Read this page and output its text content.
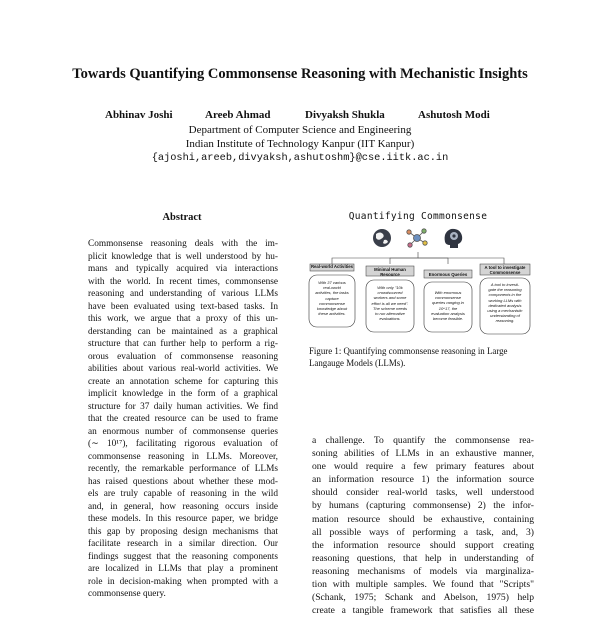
Towards Quantifying Commonsense Reasoning with Mechanistic Insights
Abhinav Joshi	Areeb Ahmad	Divyaksh Shukla	Ashutosh Modi
Department of Computer Science and Engineering
Indian Institute of Technology Kanpur (IIT Kanpur)
{ajoshi,areeb,divyaksh,ashutoshm}@cse.iitk.ac.in
Abstract
Commonsense reasoning deals with the im-
plicit knowledge that is well understood by hu-
mans and typically acquired via interactions
with the world. In recent times, commonsense
reasoning and understanding of various LLMs
have been evaluated using text-based tasks. In
this work, we argue that a proxy of this un-
derstanding can be maintained as a graphical
structure that can further help to perform a rig-
orous evaluation of commonsense reasoning
abilities about various real-world activities. We
create an annotation scheme for capturing this
implicit knowledge in the form of a graphical
structure for 37 daily human activities. We find
that the created resource can be used to frame
an enormous number of commonsense queries
(∼ 10¹⁷), facilitating rigorous evaluation of
commonsense reasoning in LLMs. Moreover,
recently, the remarkable performance of LLMs
has raised questions about whether these mod-
els are truly capable of reasoning in the wild
and, in general, how reasoning occurs inside
these models. In this resource paper, we bridge
this gap by proposing design mechanisms that
facilitate research in a similar direction. Our
findings suggest that the reasoning components
are localized in LLMs that play a prominent
role in decision-making when prompted with a
commonsense query.
Quantifying Commonsense
Real-world Activities
Minimal Human Resource	Enormous Queries
A tool to investigate Commonsense
With 37 various
real-world
activities, the tasks
capture
commonsense
knowledge about
these activities.
With only "10k
crowdsourced
workers and some
effort is all we need".
The scheme needs
to run alternative
evaluations.
With enormous
commonsense
queries ranging in
10^17, the
evaluation analysis
become feasible.
A tool to investi-
gate the reasoning
components in the
working LLMs with
dedicated analysis
using a mechanistic
understanding of
reasoning.
Figure 1: Quantifying commonsense reasoning in Large
Langauge Models (LLMs).
a challenge. To quantify the commonsense rea-
soning abilities of LLMs in an exhaustive manner,
one would require a few primary features about
an information resource 1) the information source
should consider real-world tasks, well understood
by humans (capturing commonsense) 2) the infor-
mation resource should be exhaustive, containing
all possible ways of performing a task, and, 3)
the information resource should support creating
reasoning questions, that help in understanding of
reasoning mechanisms of models via marginaliza-
tion with multiple samples. We found that "Scripts"
(Schank, 1975; Schank and Abelson, 1975) help
create a tangible framework that satisfies all these
